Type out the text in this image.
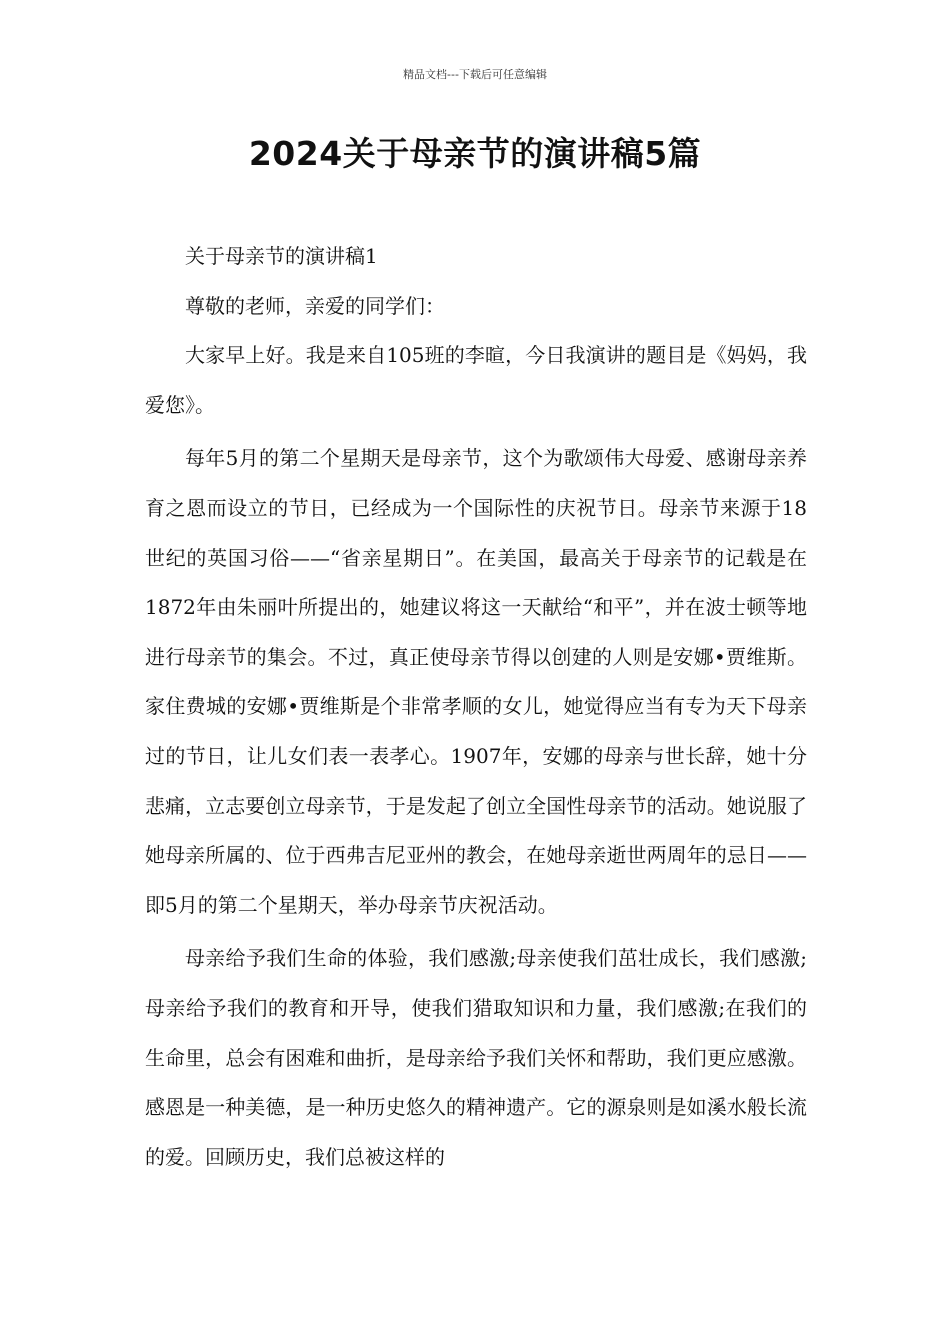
精品文档---下载后可任意编辑
2024关于母亲节的演讲稿5篇

关于母亲节的演讲稿1

尊敬的老师，亲爱的同学们：

大家早上好。我是来自105班的李暄，今日我演讲的题目是《妈妈，我爱您》。

每年5月的第二个星期天是母亲节，这个为歌颂伟大母爱、感谢母亲养育之恩而设立的节日，已经成为一个国际性的庆祝节日。母亲节来源于18世纪的英国习俗——“省亲星期日”。在美国，最高关于母亲节的记载是在1872年由朱丽叶所提出的，她建议将这一天献给“和平”，并在波士顿等地进行母亲节的集会。不过，真正使母亲节得以创建的人则是安娜•贾维斯。家住费城的安娜•贾维斯是个非常孝顺的女儿，她觉得应当有专为天下母亲过的节日，让儿女们表一表孝心。1907年，安娜的母亲与世长辞，她十分悲痛，立志要创立母亲节，于是发起了创立全国性母亲节的活动。她说服了她母亲所属的、位于西弗吉尼亚州的教会，在她母亲逝世两周年的忌日——即5月的第二个星期天，举办母亲节庆祝活动。

母亲给予我们生命的体验，我们感激;母亲使我们茁壮成长，我们感激;母亲给予我们的教育和开导，使我们猎取知识和力量，我们感激;在我们的生命里，总会有困难和曲折，是母亲给予我们关怀和帮助，我们更应感激。感恩是一种美德，是一种历史悠久的精神遗产。它的源泉则是如溪水般长流的爱。回顾历史，我们总被这样的
